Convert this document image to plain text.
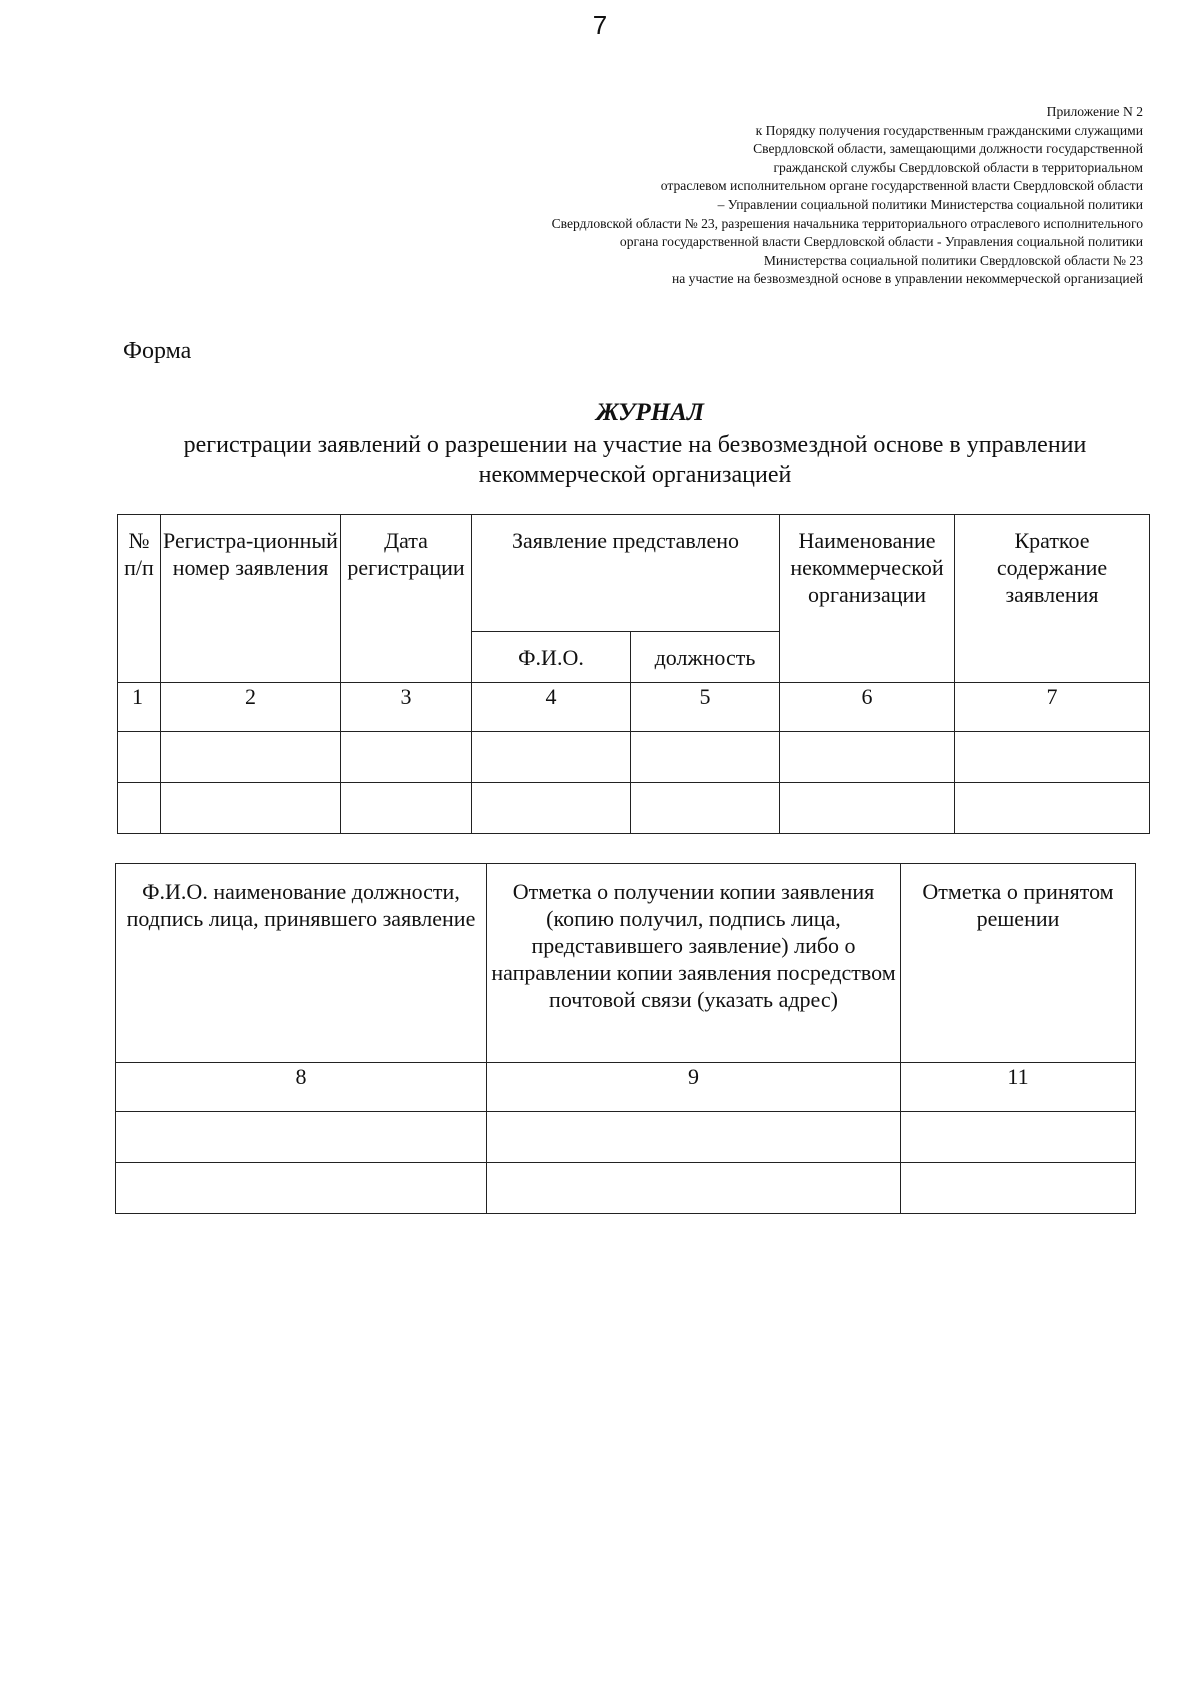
7
Приложение N 2
к Порядку получения государственным гражданскими служащими
Свердловской области, замещающими должности государственной
гражданской службы Свердловской области в территориальном
отраслевом исполнительном органе государственной власти Свердловской области
– Управлении социальной политики Министерства социальной политики
Свердловской области № 23, разрешения начальника территориального отраслевого исполнительного
органа государственной власти Свердловской области - Управления социальной политики
Министерства социальной политики Свердловской области № 23
на участие на безвозмездной основе в управлении некоммерческой организацией
Форма
ЖУРНАЛ
регистрации заявлений о разрешении на участие на безвозмездной основе в управлении некоммерческой организацией
№ п/п	Регистра-ционный номер заявления	Дата регистрации	Заявление представлено		Наименование некоммерческой организации	Краткое содержание заявления
			Ф.И.О.	должность		
1	2	3	4	5	6	7

Ф.И.О. наименование должности, подпись лица, принявшего заявление	Отметка о получении копии заявления (копию получил, подпись лица, представившего заявление) либо о направлении копии заявления посредством почтовой связи (указать адрес)	Отметка о принятом решении
8	9	11
